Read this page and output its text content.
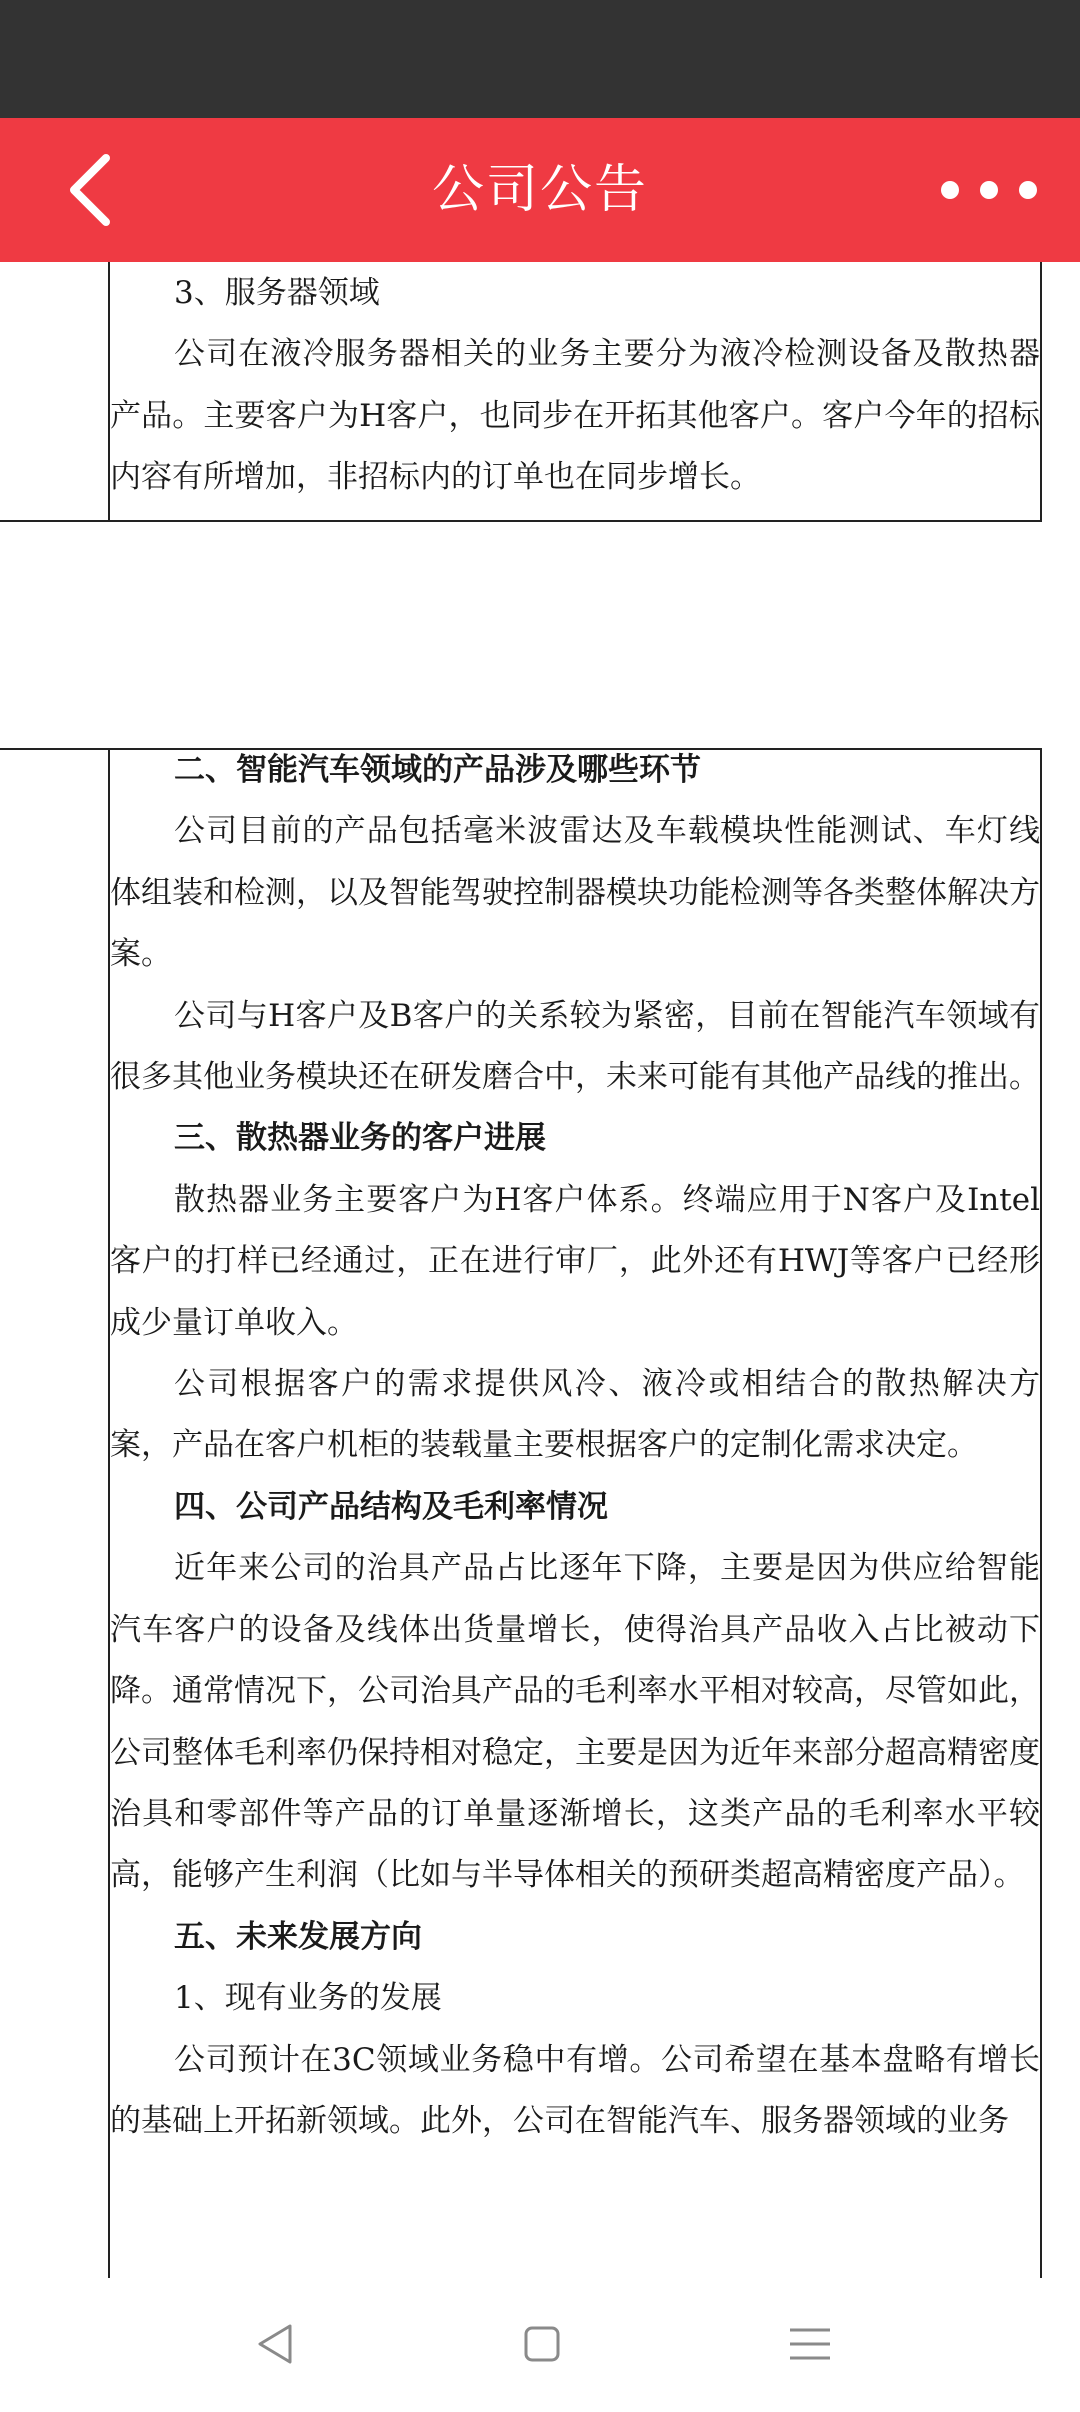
公司公告

3、服务器领域

公司在液冷服务器相关的业务主要分为液冷检测设备及散热器产品。主要客户为H客户，也同步在开拓其他客户。客户今年的招标内容有所增加，非招标内的订单也在同步增长。

二、智能汽车领域的产品涉及哪些环节

公司目前的产品包括毫米波雷达及车载模块性能测试、车灯线体组装和检测，以及智能驾驶控制器模块功能检测等各类整体解决方案。

公司与H客户及B客户的关系较为紧密，目前在智能汽车领域有很多其他业务模块还在研发磨合中，未来可能有其他产品线的推出。

三、散热器业务的客户进展

散热器业务主要客户为H客户体系。终端应用于N客户及Intel客户的打样已经通过，正在进行审厂，此外还有HWJ等客户已经形成少量订单收入。

公司根据客户的需求提供风冷、液冷或相结合的散热解决方案，产品在客户机柜的装载量主要根据客户的定制化需求决定。

四、公司产品结构及毛利率情况

近年来公司的治具产品占比逐年下降，主要是因为供应给智能汽车客户的设备及线体出货量增长，使得治具产品收入占比被动下降。通常情况下，公司治具产品的毛利率水平相对较高，尽管如此，公司整体毛利率仍保持相对稳定，主要是因为近年来部分超高精密度治具和零部件等产品的订单量逐渐增长，这类产品的毛利率水平较高，能够产生利润（比如与半导体相关的预研类超高精密度产品）。

五、未来发展方向

1、现有业务的发展

公司预计在3C领域业务稳中有增。公司希望在基本盘略有增长的基础上开拓新领域。此外，公司在智能汽车、服务器领域的业务
